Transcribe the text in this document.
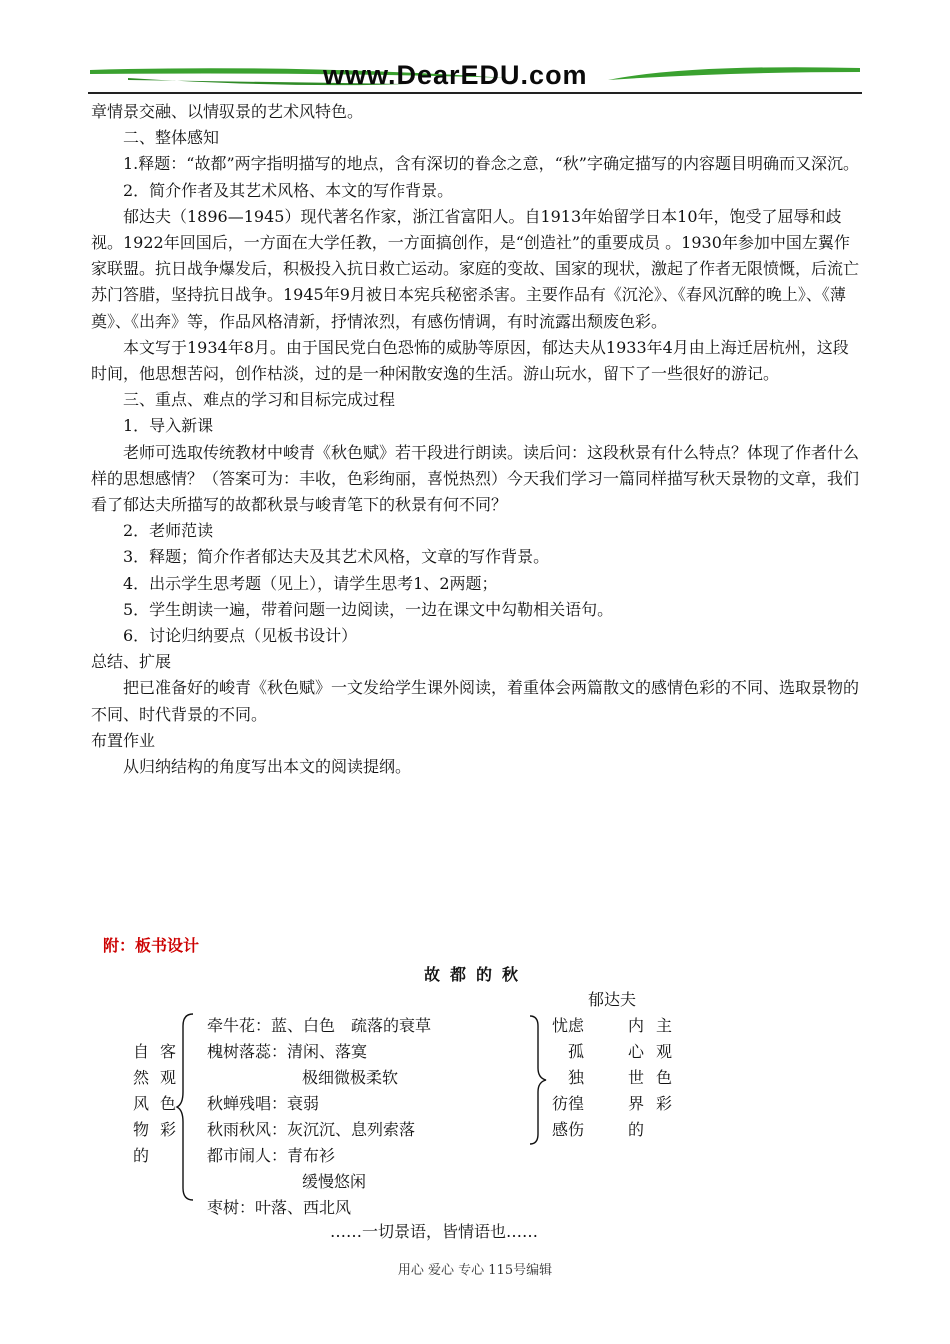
www.DearEDU.com

章情景交融、以情驭景的艺术风特色。

二、整体感知

1.释题：“故都”两字指明描写的地点，含有深切的眷念之意，“秋”字确定描写的内容题目明确而又深沉。

2．简介作者及其艺术风格、本文的写作背景。

郁达夫（1896—1945）现代著名作家，浙江省富阳人。自1913年始留学日本10年，饱受了屈辱和歧视。1922年回国后，一方面在大学任教，一方面搞创作，是“创造社”的重要成员 。1930年参加中国左翼作家联盟。抗日战争爆发后，积极投入抗日救亡运动。家庭的变故、国家的现状，激起了作者无限愤慨，后流亡苏门答腊，坚持抗日战争。1945年9月被日本宪兵秘密杀害。主要作品有《沉沦》、《春风沉醉的晚上》、《薄奠》、《出奔》等，作品风格清新，抒情浓烈，有感伤情调，有时流露出颓废色彩。

本文写于1934年8月。由于国民党白色恐怖的威胁等原因，郁达夫从1933年4月由上海迁居杭州，这段时间，他思想苦闷，创作枯淡，过的是一种闲散安逸的生活。游山玩水，留下了一些很好的游记。

三、重点、难点的学习和目标完成过程

1．导入新课

老师可选取传统教材中峻青《秋色赋》若干段进行朗读。读后问：这段秋景有什么特点？体现了作者什么样的思想感情？（答案可为：丰收，色彩绚丽，喜悦热烈）今天我们学习一篇同样描写秋天景物的文章，我们看了郁达夫所描写的故都秋景与峻青笔下的秋景有何不同？

2．老师范读

3．释题；简介作者郁达夫及其艺术风格，文章的写作背景。

4．出示学生思考题（见上），请学生思考1、2两题；

5．学生朗读一遍，带着问题一边阅读，一边在课文中勾勒相关语句。

6．讨论归纳要点（见板书设计）

总结、扩展

把已准备好的峻青《秋色赋》一文发给学生课外阅读，着重体会两篇散文的感情色彩的不同、选取景物的不同、时代背景的不同。

布置作业

从归纳结构的角度写出本文的阅读提纲。

附：板书设计
故都的秋
郁达夫
自
然
风
物
的
客
观
色
彩
牵牛花：蓝、白色　疏落的衰草
槐树落蕊：清闲、落寞
极细微极柔软
秋蝉残唱：衰弱
秋雨秋风：灰沉沉、息列索落
都市闹人：青布衫
缓慢悠闲
枣树：叶落、西北风
忧虑
孤
独
彷徨
感伤
内
心
世
界
的
主
观
色
彩
……一切景语，皆情语也……
用心 爱心 专心 115号编辑
